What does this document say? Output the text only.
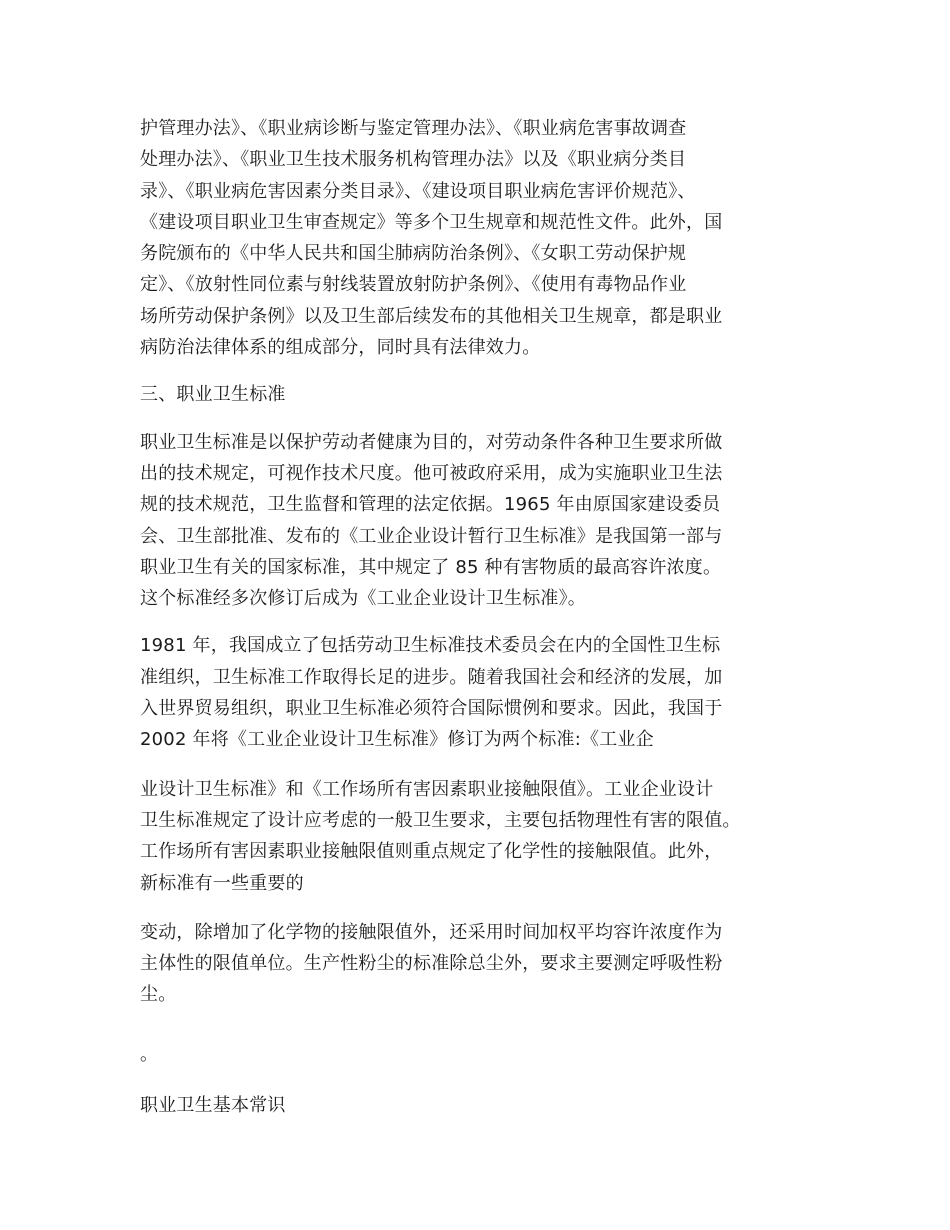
护管理办法》、《职业病诊断与鉴定管理办法》、《职业病危害事故调查
处理办法》、《职业卫生技术服务机构管理办法》以及《职业病分类目
录》、《职业病危害因素分类目录》、《建设项目职业病危害评价规范》、
《建设项目职业卫生审查规定》等多个卫生规章和规范性文件。此外，国
务院颁布的《中华人民共和国尘肺病防治条例》、《女职工劳动保护规
定》、《放射性同位素与射线装置放射防护条例》、《使用有毒物品作业
场所劳动保护条例》以及卫生部后续发布的其他相关卫生规章，都是职业
病防治法律体系的组成部分，同时具有法律效力。
三、职业卫生标准
职业卫生标准是以保护劳动者健康为目的，对劳动条件各种卫生要求所做
出的技术规定，可视作技术尺度。他可被政府采用，成为实施职业卫生法
规的技术规范，卫生监督和管理的法定依据。1965 年由原国家建设委员
会、卫生部批准、发布的《工业企业设计暂行卫生标准》是我国第一部与
职业卫生有关的国家标准，其中规定了 85 种有害物质的最高容许浓度。
这个标准经多次修订后成为《工业企业设计卫生标准》。
1981 年，我国成立了包括劳动卫生标准技术委员会在内的全国性卫生标
准组织，卫生标准工作取得长足的进步。随着我国社会和经济的发展，加
入世界贸易组织，职业卫生标准必须符合国际惯例和要求。因此，我国于
2002 年将《工业企业设计卫生标准》修订为两个标准:《工业企
业设计卫生标准》和《工作场所有害因素职业接触限值》。工业企业设计
卫生标准规定了设计应考虑的一般卫生要求，主要包括物理性有害的限值。
工作场所有害因素职业接触限值则重点规定了化学性的接触限值。此外，
新标准有一些重要的
变动，除增加了化学物的接触限值外，还采用时间加权平均容许浓度作为
主体性的限值单位。生产性粉尘的标准除总尘外，要求主要测定呼吸性粉
尘。
。
职业卫生基本常识
